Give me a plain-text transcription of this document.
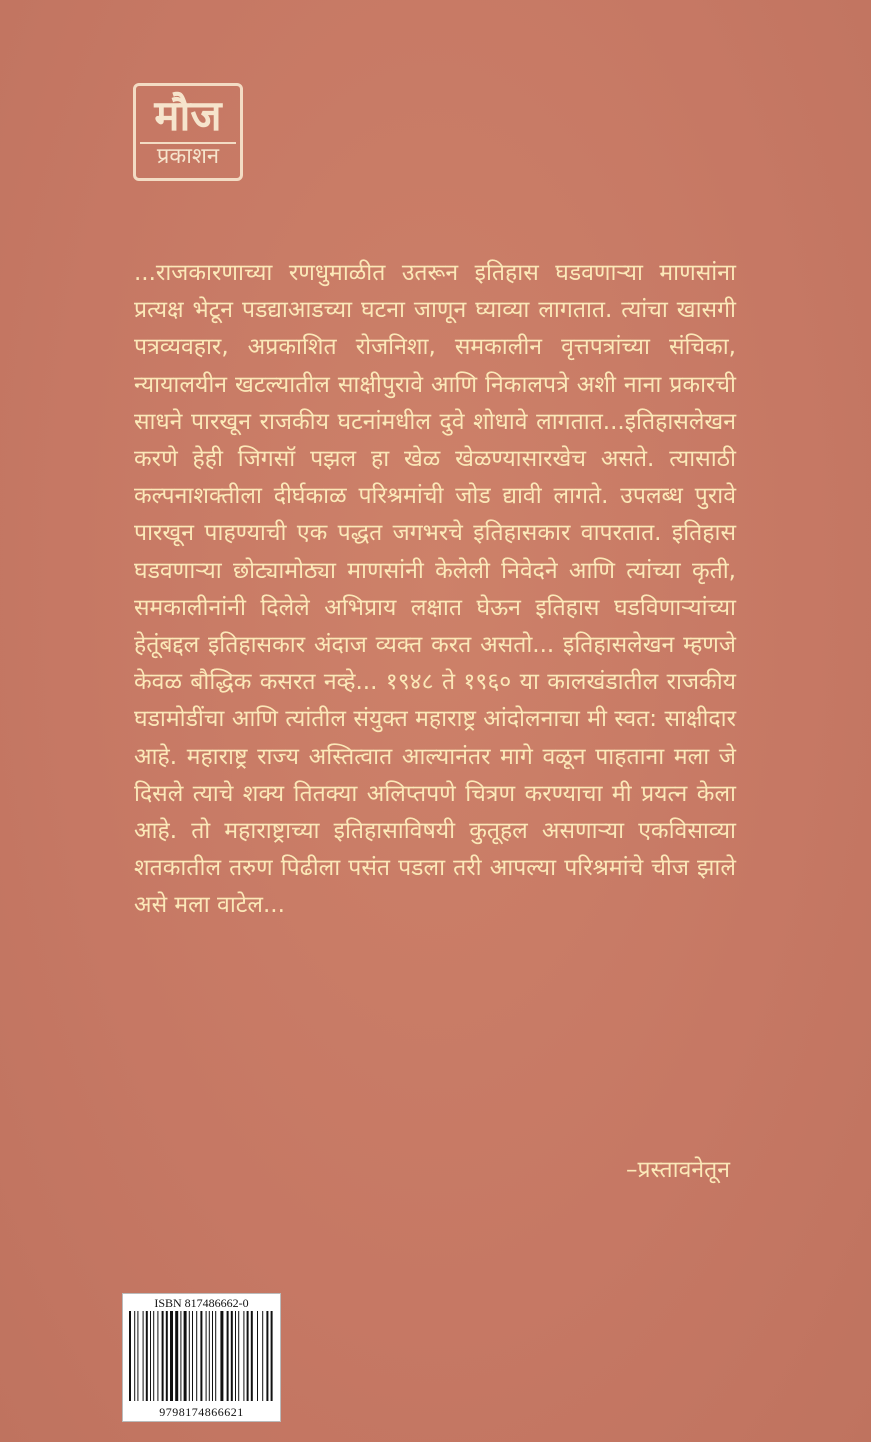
मौज
प्रकाशन

...राजकारणाच्या रणधुमाळीत उतरून इतिहास घडवणाऱ्या माणसांना प्रत्यक्ष भेटून पडद्याआडच्या घटना जाणून घ्याव्या लागतात. त्यांचा खासगी पत्रव्यवहार, अप्रकाशित रोजनिशा, समकालीन वृत्तपत्रांच्या संचिका, न्यायालयीन खटल्यातील साक्षीपुरावे आणि निकालपत्रे अशी नाना प्रकारची साधने पारखून राजकीय घटनांमधील दुवे शोधावे लागतात...इतिहासलेखन करणे हेही जिगसॉ पझल हा खेळ खेळण्यासारखेच असते. त्यासाठी कल्पनाशक्तीला दीर्घकाळ परिश्रमांची जोड द्यावी लागते. उपलब्ध पुरावे पारखून पाहण्याची एक पद्धत जगभरचे इतिहासकार वापरतात. इतिहास घडवणाऱ्या छोट्यामोठ्या माणसांनी केलेली निवेदने आणि त्यांच्या कृती, समकालीनांनी दिलेले अभिप्राय लक्षात घेऊन इतिहास घडविणाऱ्यांच्या हेतूंबद्दल इतिहासकार अंदाज व्यक्त करत असतो... इतिहासलेखन म्हणजे केवळ बौद्धिक कसरत नव्हे... १९४८ ते १९६० या कालखंडातील राजकीय घडामोडींचा आणि त्यांतील संयुक्त महाराष्ट्र आंदोलनाचा मी स्वत: साक्षीदार आहे. महाराष्ट्र राज्य अस्तित्वात आल्यानंतर मागे वळून पाहताना मला जे दिसले त्याचे शक्य तितक्या अलिप्तपणे चित्रण करण्याचा मी प्रयत्न केला आहे. तो महाराष्ट्राच्या इतिहासाविषयी कुतूहल असणाऱ्या एकविसाव्या शतकातील तरुण पिढीला पसंत पडला तरी आपल्या परिश्रमांचे चीज झाले असे मला वाटेल...

–प्रस्तावनेतून
ISBN 817486662-0
9798174866621
